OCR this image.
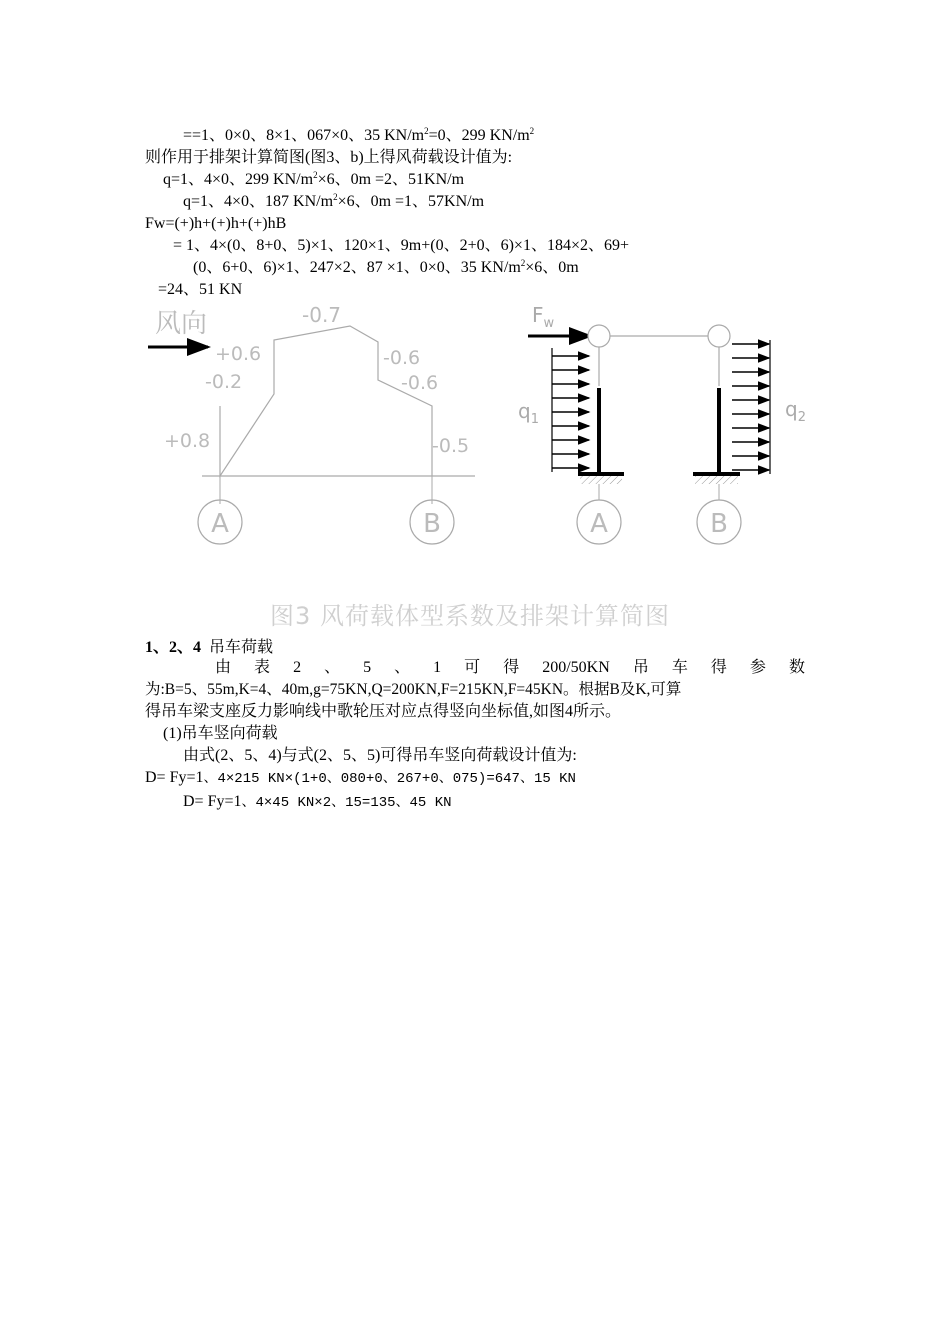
==1、0×0、8×1、067×0、35 $KN/m^2=0$、299 $KN/m^2$
则作用于排架计算简图(图3、b)上得风荷载设计值为:
q=1、4×0、299 $KN/m^2\times 6$、0m =2、51KN/m
q=1、4×0、187 $KN/m^2\times 6$、0m =1、57KN/m
Fw=(+)h+(+)h+(+)hB
= 1、4×(0、8+0、5)×1、120×1、9m+(0、2+0、6)×1、184×2、69+
(0、6+0、6)×1、247×2、87 ×1、0×0、35 $KN/m^2\times 6$、0m
=24、51 KN
风向	-0.7
+0.6
-0.2
-0.6
-0.6
+0.8	-0.5
A	B
$F_w$
$q_1$	$q_2$
A	B
图3 风荷载体型系数及排架计算简图
1、2、4 吊车荷载
由 表 2 、 5 、 1 可 得 200/50KN 吊 车 得 参 数
为:B=5、55m,K=4、40m,g=75KN,Q=200KN,F=215KN,F=45KN。根据B及K,可算
得吊车梁支座反力影响线中歌轮压对应点得竖向坐标值,如图4所示。
(1)吊车竖向荷载
由式(2、5、4)与式(2、5、5)可得吊车竖向荷载设计值为:
D= Fy=1、4×215 KN×(1+0、080+0、267+0、075)=647、15 KN
D= Fy=1、4×45 KN×2、15=135、45 KN
